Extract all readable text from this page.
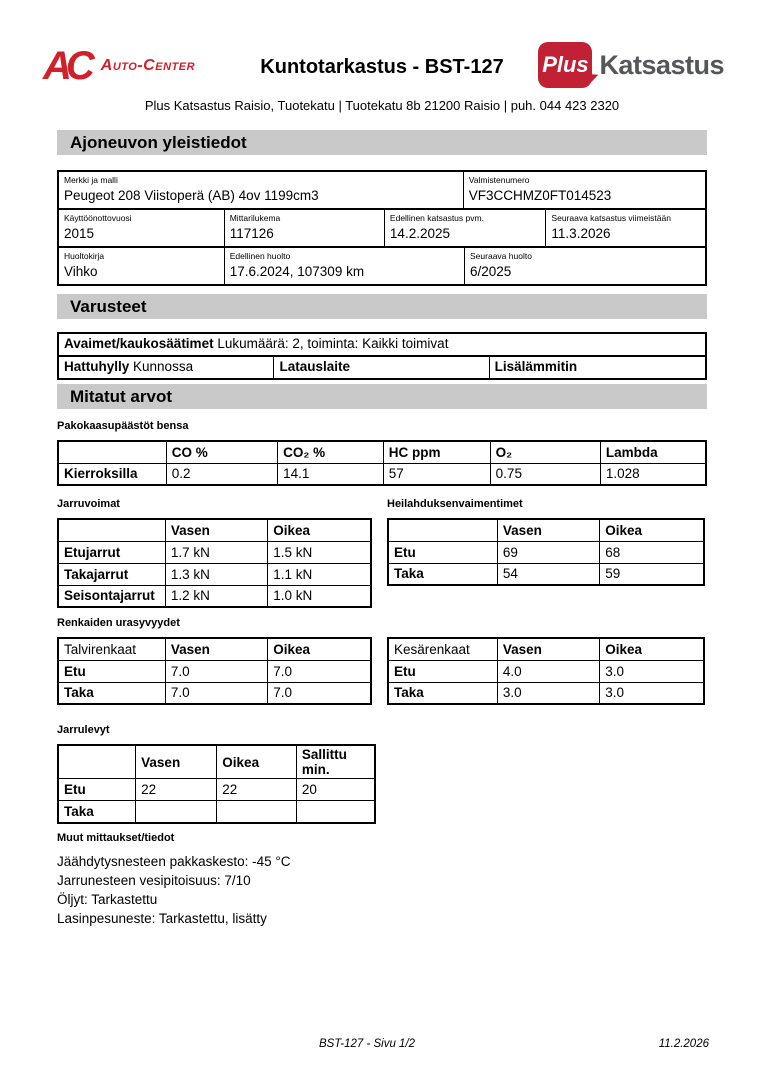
AC Auto-Center	Kuntotarkastus - BST-127	Plus Katsastus
Plus Katsastus Raisio, Tuotekatu | Tuotekatu 8b 21200 Raisio | puh. 044 423 2320
Ajoneuvon yleistiedot
Merkki ja malli
Peugeot 208 Viistoperä (AB) 4ov 1199cm3
Valmistenumero
VF3CCHMZ0FT014523
Käyttöönottovuosi
2015
Mittarilukema
117126
Edellinen katsastus pvm.
14.2.2025
Seuraava katsastus viimeistään
11.3.2026
Huoltokirja
Vihko
Edellinen huolto
17.6.2024, 107309 km
Seuraava huolto
6/2025
Varusteet
Avaimet/kaukosäätimet Lukumäärä: 2, toiminta: Kaikki toimivat
Hattuhylly Kunnossa	Latauslaite	Lisälämmitin
Mitatut arvot
Pakokaasupäästöt bensa
	CO %	CO₂ %	HC ppm	O₂	Lambda
Kierroksilla	0.2	14.1	57	0.75	1.028
Jarruvoimat
	Vasen	Oikea
Etujarrut	1.7 kN	1.5 kN
Takajarrut	1.3 kN	1.1 kN
Seisontajarrut	1.2 kN	1.0 kN
Heilahduksenvaimentimet
	Vasen	Oikea
Etu	69	68
Taka	54	59
Renkaiden urasyvyydet
Talvirenkaat	Vasen	Oikea
Etu	7.0	7.0
Taka	7.0	7.0
Kesärenkaat	Vasen	Oikea
Etu	4.0	3.0
Taka	3.0	3.0
Jarrulevyt
	Vasen	Oikea	Sallittu min.
Etu	22	22	20
Taka			
Muut mittaukset/tiedot
Jäähdytysnesteen pakkaskesto: -45 °C
Jarrunesteen vesipitoisuus: 7/10
Öljyt: Tarkastettu
Lasinpesuneste: Tarkastettu, lisätty
BST-127 - Sivu 1/2	11.2.2026
